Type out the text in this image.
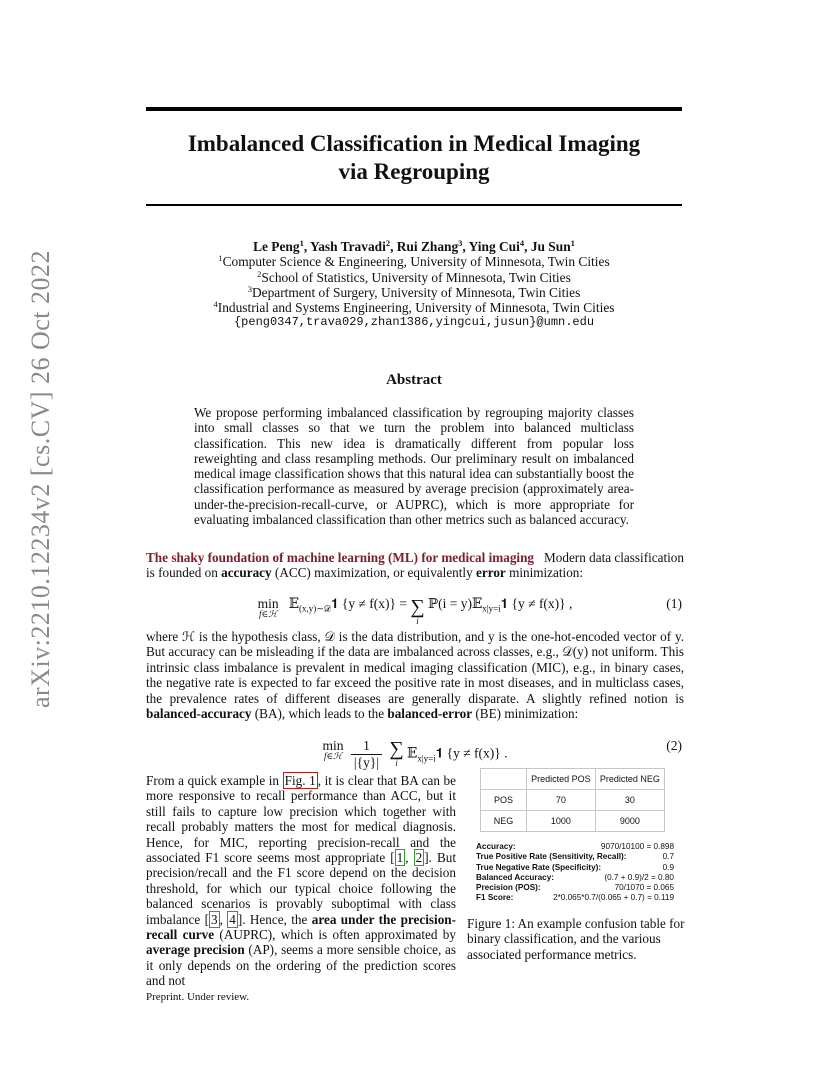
arXiv:2210.12234v2 [cs.CV] 26 Oct 2022
Imbalanced Classification in Medical Imaging
via Regrouping
Le Peng$^1$, Yash Travadi$^2$, Rui Zhang$^3$, Ying Cui$^4$, Ju Sun$^1$
$^1$Computer Science & Engineering, University of Minnesota, Twin Cities
$^2$School of Statistics, University of Minnesota, Twin Cities
$^3$Department of Surgery, University of Minnesota, Twin Cities
$^4$Industrial and Systems Engineering, University of Minnesota, Twin Cities
{peng0347,trava029,zhan1386,yingcui,jusun}@umn.edu
Abstract

We propose performing imbalanced classification by regrouping majority classes into small classes so that we turn the problem into balanced multiclass classification. This new idea is dramatically different from popular loss reweighting and class resampling methods. Our preliminary result on imbalanced medical image classification shows that this natural idea can substantially boost the classification performance as measured by average precision (approximately area-under-the-precision-recall-curve, or AUPRC), which is more appropriate for evaluating imbalanced classification than other metrics such as balanced accuracy.

The shaky foundation of machine learning (ML) for medical imaging Modern data classification is founded on accuracy (ACC) maximization, or equivalently error minimization:

min
f∈ℋ
𝔼$_{(x,y)\sim 𝒟}$𝟏 {y ≠ f(x)} = ∑
i
ℙ(i = y)𝔼$_{x|y=i}$𝟏 {y ≠ f(x)} ,	(1)

where ℋ is the hypothesis class, 𝒟 is the data distribution, and y is the one-hot-encoded vector of y. But accuracy can be misleading if the data are imbalanced across classes, e.g., 𝒟(y) not uniform. This intrinsic class imbalance is prevalent in medical imaging classification (MIC), e.g., in binary cases, the negative rate is expected to far exceed the positive rate in most diseases, and in multiclass cases, the prevalence rates of different diseases are generally disparate. A slightly refined notion is balanced-accuracy (BA), which leads to the balanced-error (BE) minimization:

min
f∈ℋ
$\frac{1}{|\{y\}|}$ ∑
i
𝔼$_{x|y=i}$𝟏 {y ≠ f(x)} .
(2)

From a quick example in Fig. 1 , it is clear that BA can be more responsive to recall performance than ACC, but it still fails to capture low precision which together with recall probably matters the most for medical diagnosis. Hence, for MIC, reporting precision-recall and the associated F1 score seems most appropriate [ 1 , 2 ]. But precision/recall and the F1 score depend on the decision threshold, for which our typical choice following the balanced scenarios is provably suboptimal with class imbalance [ 3 , 4 ]. Hence, the area under the precision-recall curve (AUPRC), which is often approximated by average precision (AP), seems a more sensible choice, as it only depends on the ordering of the prediction scores and not

	Predicted POS	Predicted NEG
POS	70	30
NEG	1000	9000
Accuracy:	9070/10100 = 0.898
True Positive Rate (Sensitivity, Recall):	0.7
True Negative Rate (Specificity):	0.9
Balanced Accuracy:	(0.7 + 0.9)/2 = 0.80
Precision (POS):	70/1070 = 0.065
F1 Score:	2*0.065*0.7/(0.065 + 0.7) = 0.119

Figure 1: An example confusion table for binary classification, and the various associated performance metrics.

Preprint. Under review.
